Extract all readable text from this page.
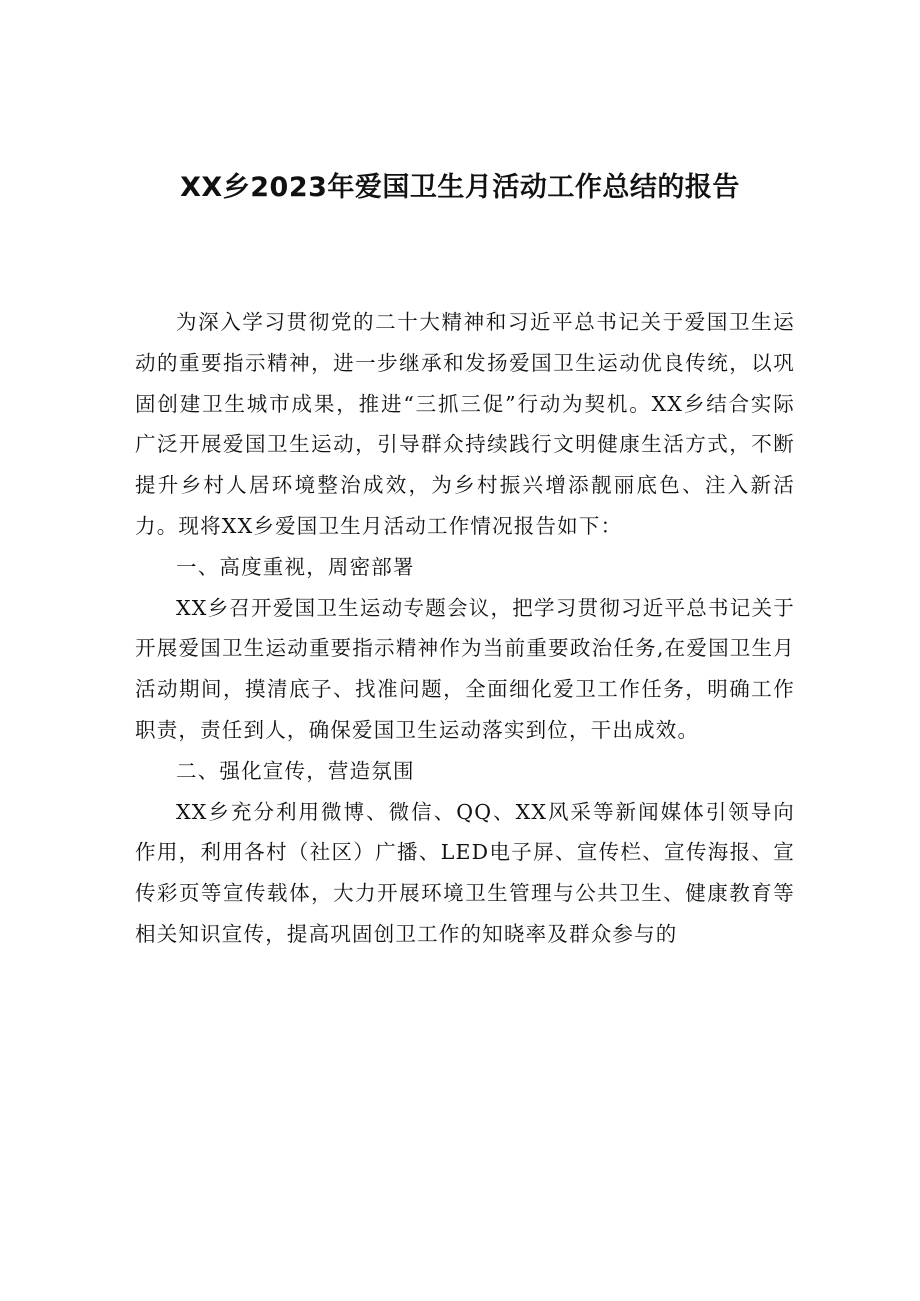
XX乡2023年爱国卫生月活动工作总结的报告

为深入学习贯彻党的二十大精神和习近平总书记关于爱国卫生运动的重要指示精神，进一步继承和发扬爱国卫生运动优良传统，以巩固创建卫生城市成果，推进“三抓三促”行动为契机。XX乡结合实际广泛开展爱国卫生运动，引导群众持续践行文明健康生活方式，不断提升乡村人居环境整治成效，为乡村振兴增添靓丽底色、注入新活力。现将XX乡爱国卫生月活动工作情况报告如下：

一、高度重视，周密部署

XX乡召开爱国卫生运动专题会议，把学习贯彻习近平总书记关于开展爱国卫生运动重要指示精神作为当前重要政治任务,在爱国卫生月活动期间，摸清底子、找准问题，全面细化爱卫工作任务，明确工作职责，责任到人，确保爱国卫生运动落实到位，干出成效。

二、强化宣传，营造氛围

XX乡充分利用微博、微信、QQ、XX风采等新闻媒体引领导向作用，利用各村（社区）广播、LED电子屏、宣传栏、宣传海报、宣传彩页等宣传载体，大力开展环境卫生管理与公共卫生、健康教育等相关知识宣传，提高巩固创卫工作的知晓率及群众参与的
